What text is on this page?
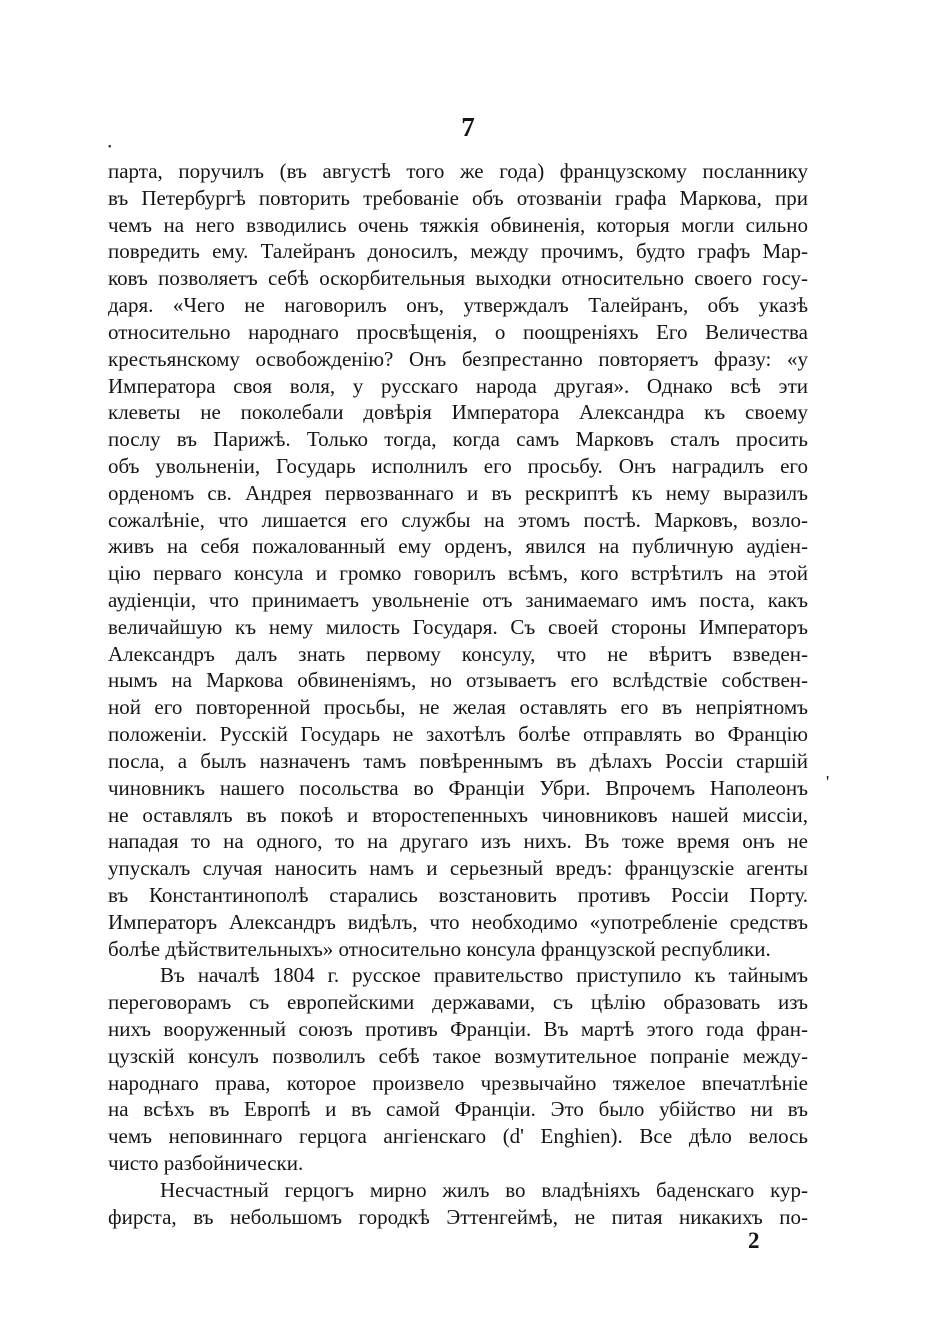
7
•
'
парта, поручилъ (въ августѣ того же года) французскому посланнику
въ Петербургѣ повторить требованіе объ отозваніи графа Маркова, при
чемъ на него взводились очень тяжкія обвиненія, которыя могли сильно
повредить ему. Талейранъ доносилъ, между прочимъ, будто графъ Мар-
ковъ позволяетъ себѣ оскорбительныя выходки относительно своего госу-
даря. «Чего не наговорилъ онъ, утверждалъ Талейранъ, объ указѣ
относительно народнаго просвѣщенія, о поощреніяхъ Его Величества
крестьянскому освобожденію? Онъ безпрестанно повторяетъ фразу: «у
Императора своя воля, у русскаго народа другая». Однако всѣ эти
клеветы не поколебали довѣрія Императора Александра къ своему
послу въ Парижѣ. Только тогда, когда самъ Марковъ сталъ просить
объ увольненіи, Государь исполнилъ его просьбу. Онъ наградилъ его
орденомъ св. Андрея первозваннаго и въ рескриптѣ къ нему выразилъ
сожалѣніе, что лишается его службы на этомъ постѣ. Марковъ, возло-
живъ на себя пожалованный ему орденъ, явился на публичную аудіен-
цію перваго консула и громко говорилъ всѣмъ, кого встрѣтилъ на этой
аудіенціи, что принимаетъ увольненіе отъ занимаемаго имъ поста, какъ
величайшую къ нему милость Государя. Съ своей стороны Императоръ
Александръ далъ знать первому консулу, что не вѣритъ взведен-
нымъ на Маркова обвиненіямъ, но отзываетъ его вслѣдствіе собствен-
ной его повторенной просьбы, не желая оставлять его въ непріятномъ
положеніи. Русскій Государь не захотѣлъ болѣе отправлять во Францію
посла, а былъ назначенъ тамъ повѣреннымъ въ дѣлахъ Россіи старшій
чиновникъ нашего посольства во Франціи Убри. Впрочемъ Наполеонъ
не оставлялъ въ покоѣ и второстепенныхъ чиновниковъ нашей миссіи,
нападая то на одного, то на другаго изъ нихъ. Въ тоже время онъ не
упускалъ случая наносить намъ и серьезный вредъ: французскіе агенты
въ Константинополѣ старались возстановить противъ Россіи Порту.
Императоръ Александръ видѣлъ, что необходимо «употребленіе средствъ
болѣе дѣйствительныхъ» относительно консула французской республики.
Въ началѣ 1804 г. русское правительство приступило къ тайнымъ
переговорамъ съ европейскими державами, съ цѣлію образовать изъ
нихъ вооруженный союзъ противъ Франціи. Въ мартѣ этого года фран-
цузскій консулъ позволилъ себѣ такое возмутительное попраніе между-
народнаго права, которое произвело чрезвычайно тяжелое впечатлѣніе
на всѣхъ въ Европѣ и въ самой Франціи. Это было убійство ни въ
чемъ неповиннаго герцога ангіенскаго (d' Enghien). Все дѣло велось
чисто разбойнически.
Несчастный герцогъ мирно жилъ во владѣніяхъ баденскаго кур-
фирста, въ небольшомъ городкѣ Эттенгеймѣ, не питая никакихъ по-
2
